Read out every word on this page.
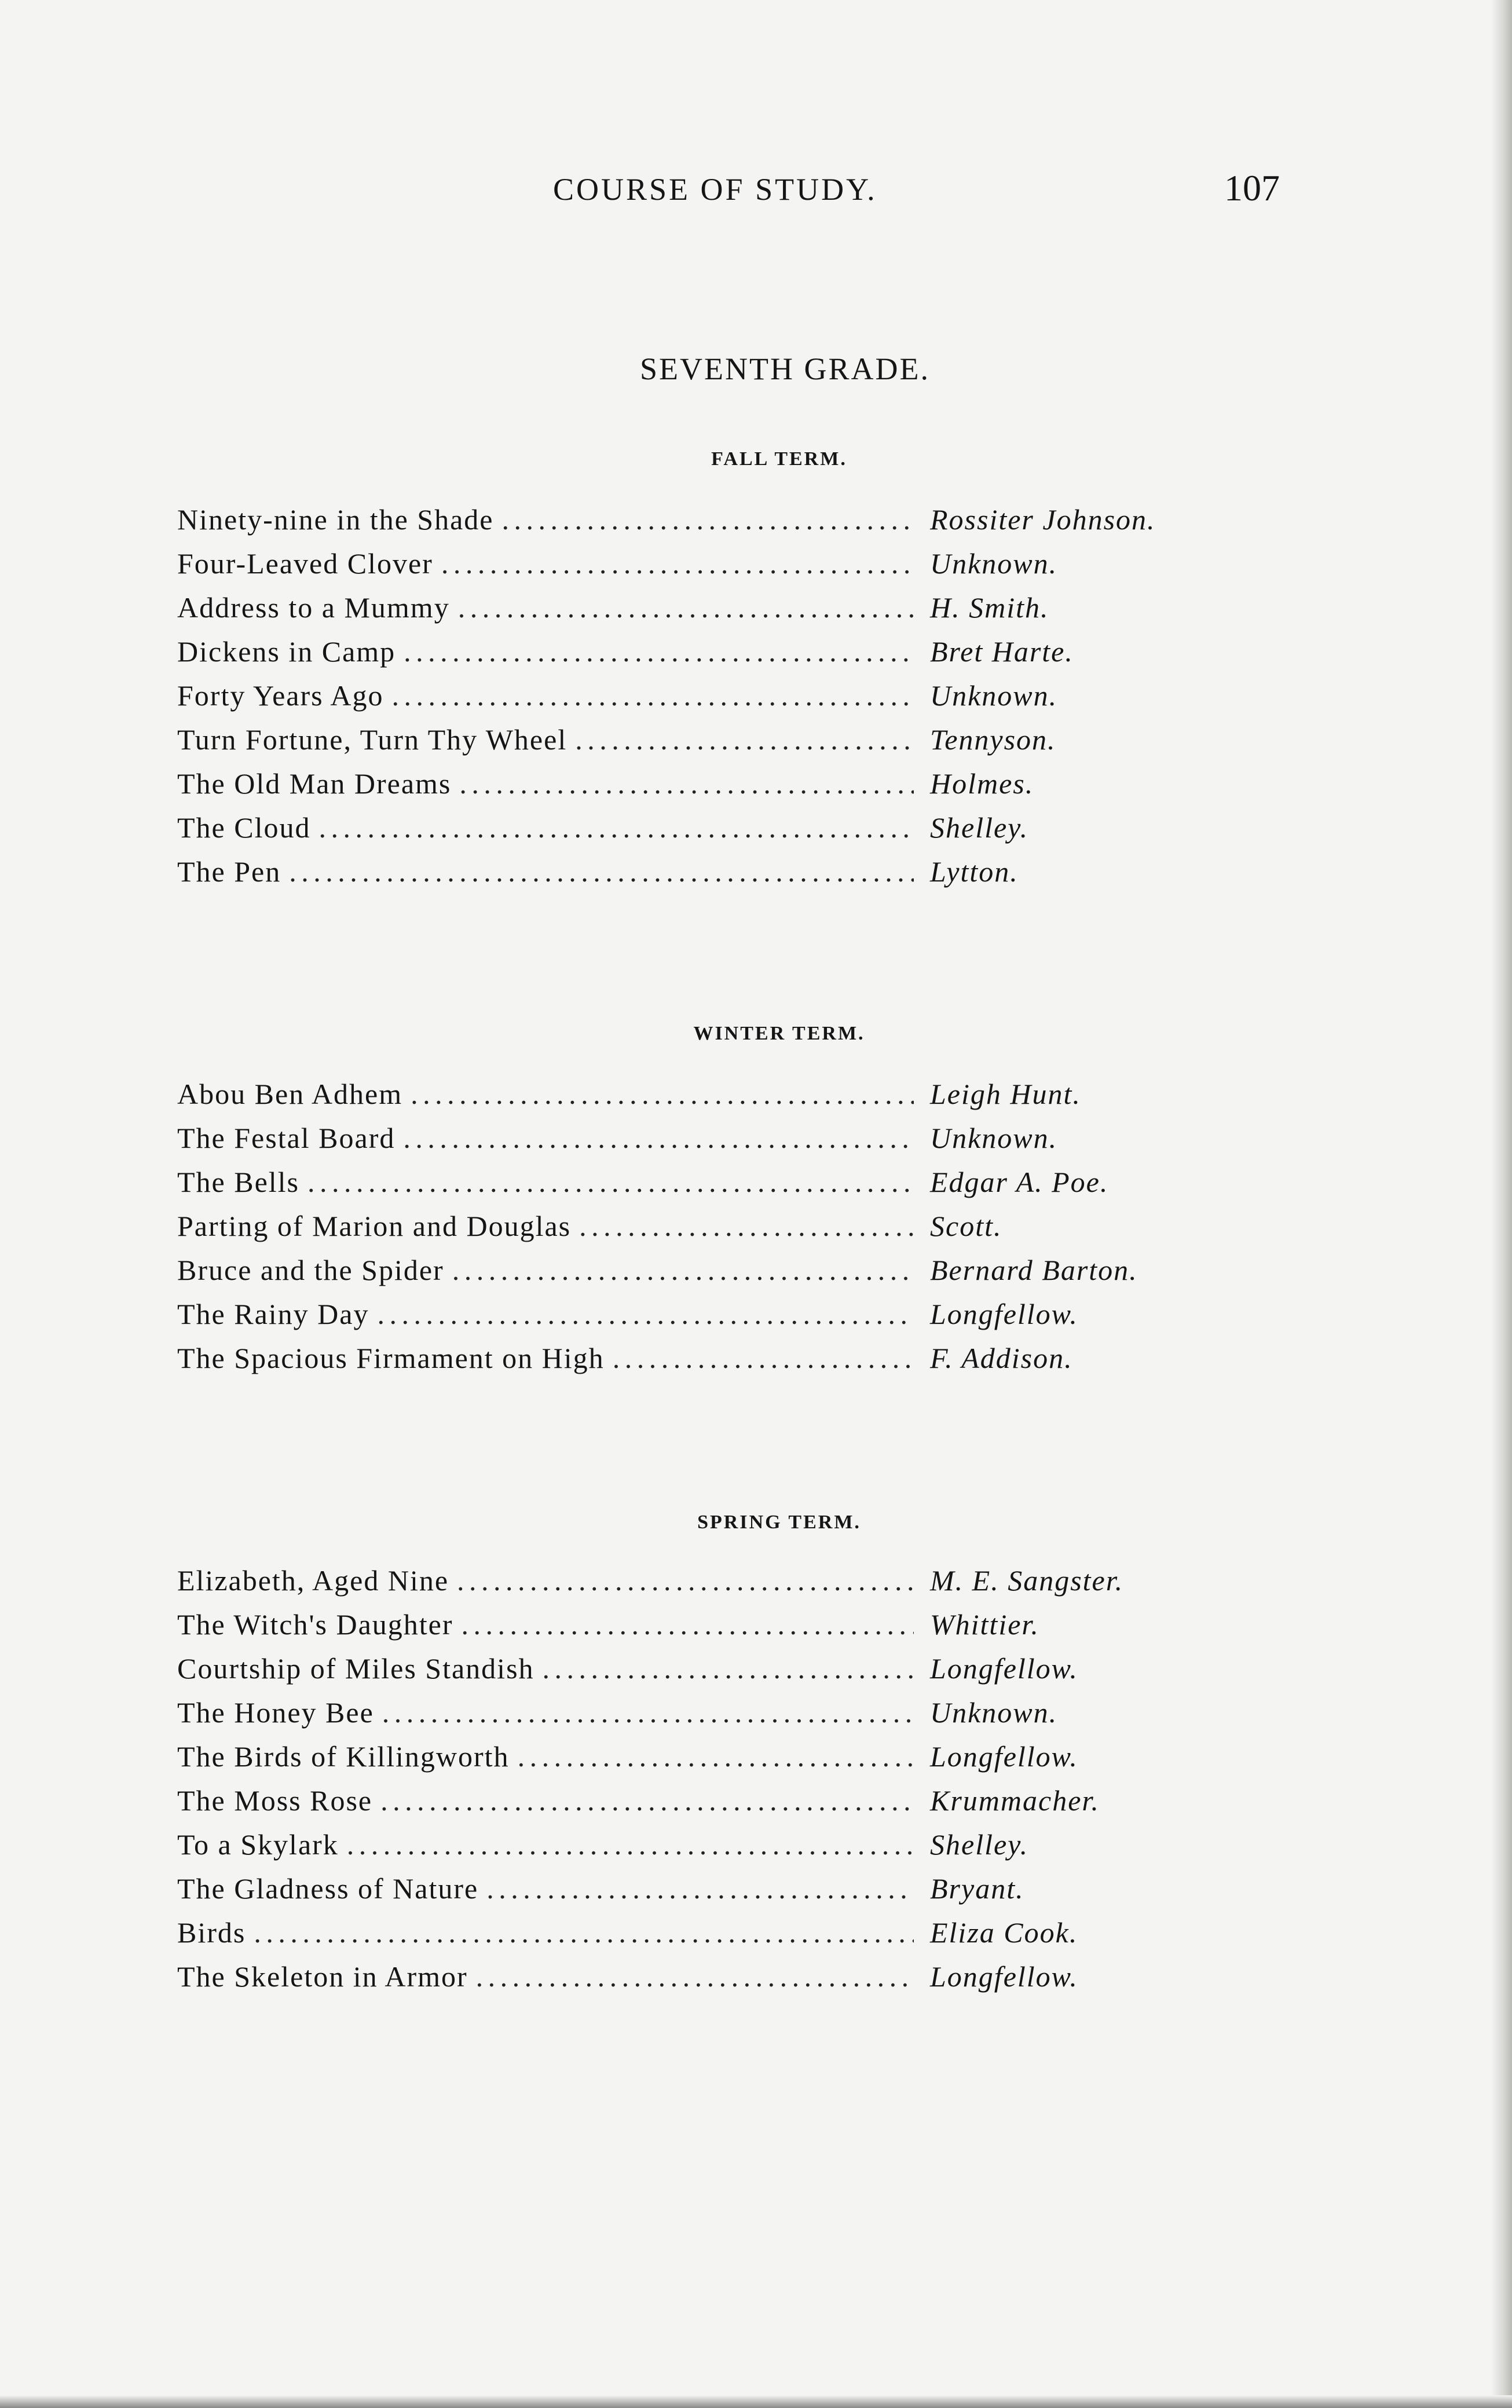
COURSE OF STUDY.	107
SEVENTH GRADE.
FALL TERM.
Ninety-nine in the Shade . . .	Rossiter Johnson.
Four-Leaved Clover . . .	Unknown.
Address to a Mummy . . .	H. Smith.
Dickens in Camp . . .	Bret Harte.
Forty Years Ago . . .	Unknown.
Turn Fortune, Turn Thy Wheel . . .	Tennyson.
The Old Man Dreams . . .	Holmes.
The Cloud . . .	Shelley.
The Pen . . .	Lytton.
WINTER TERM.
Abou Ben Adhem . . .	Leigh Hunt.
The Festal Board . . .	Unknown.
The Bells . . .	Edgar A. Poe.
Parting of Marion and Douglas . . .	Scott.
Bruce and the Spider . . .	Bernard Barton.
The Rainy Day . . .	Longfellow.
The Spacious Firmament on High . . .	F. Addison.
SPRING TERM.
Elizabeth, Aged Nine . . .	M. E. Sangster.
The Witch's Daughter . . .	Whittier.
Courtship of Miles Standish . . .	Longfellow.
The Honey Bee . . .	Unknown.
The Birds of Killingworth . . .	Longfellow.
The Moss Rose . . .	Krummacher.
To a Skylark . . .	Shelley.
The Gladness of Nature . . .	Bryant.
Birds . . .	Eliza Cook.
The Skeleton in Armor . . .	Longfellow.
